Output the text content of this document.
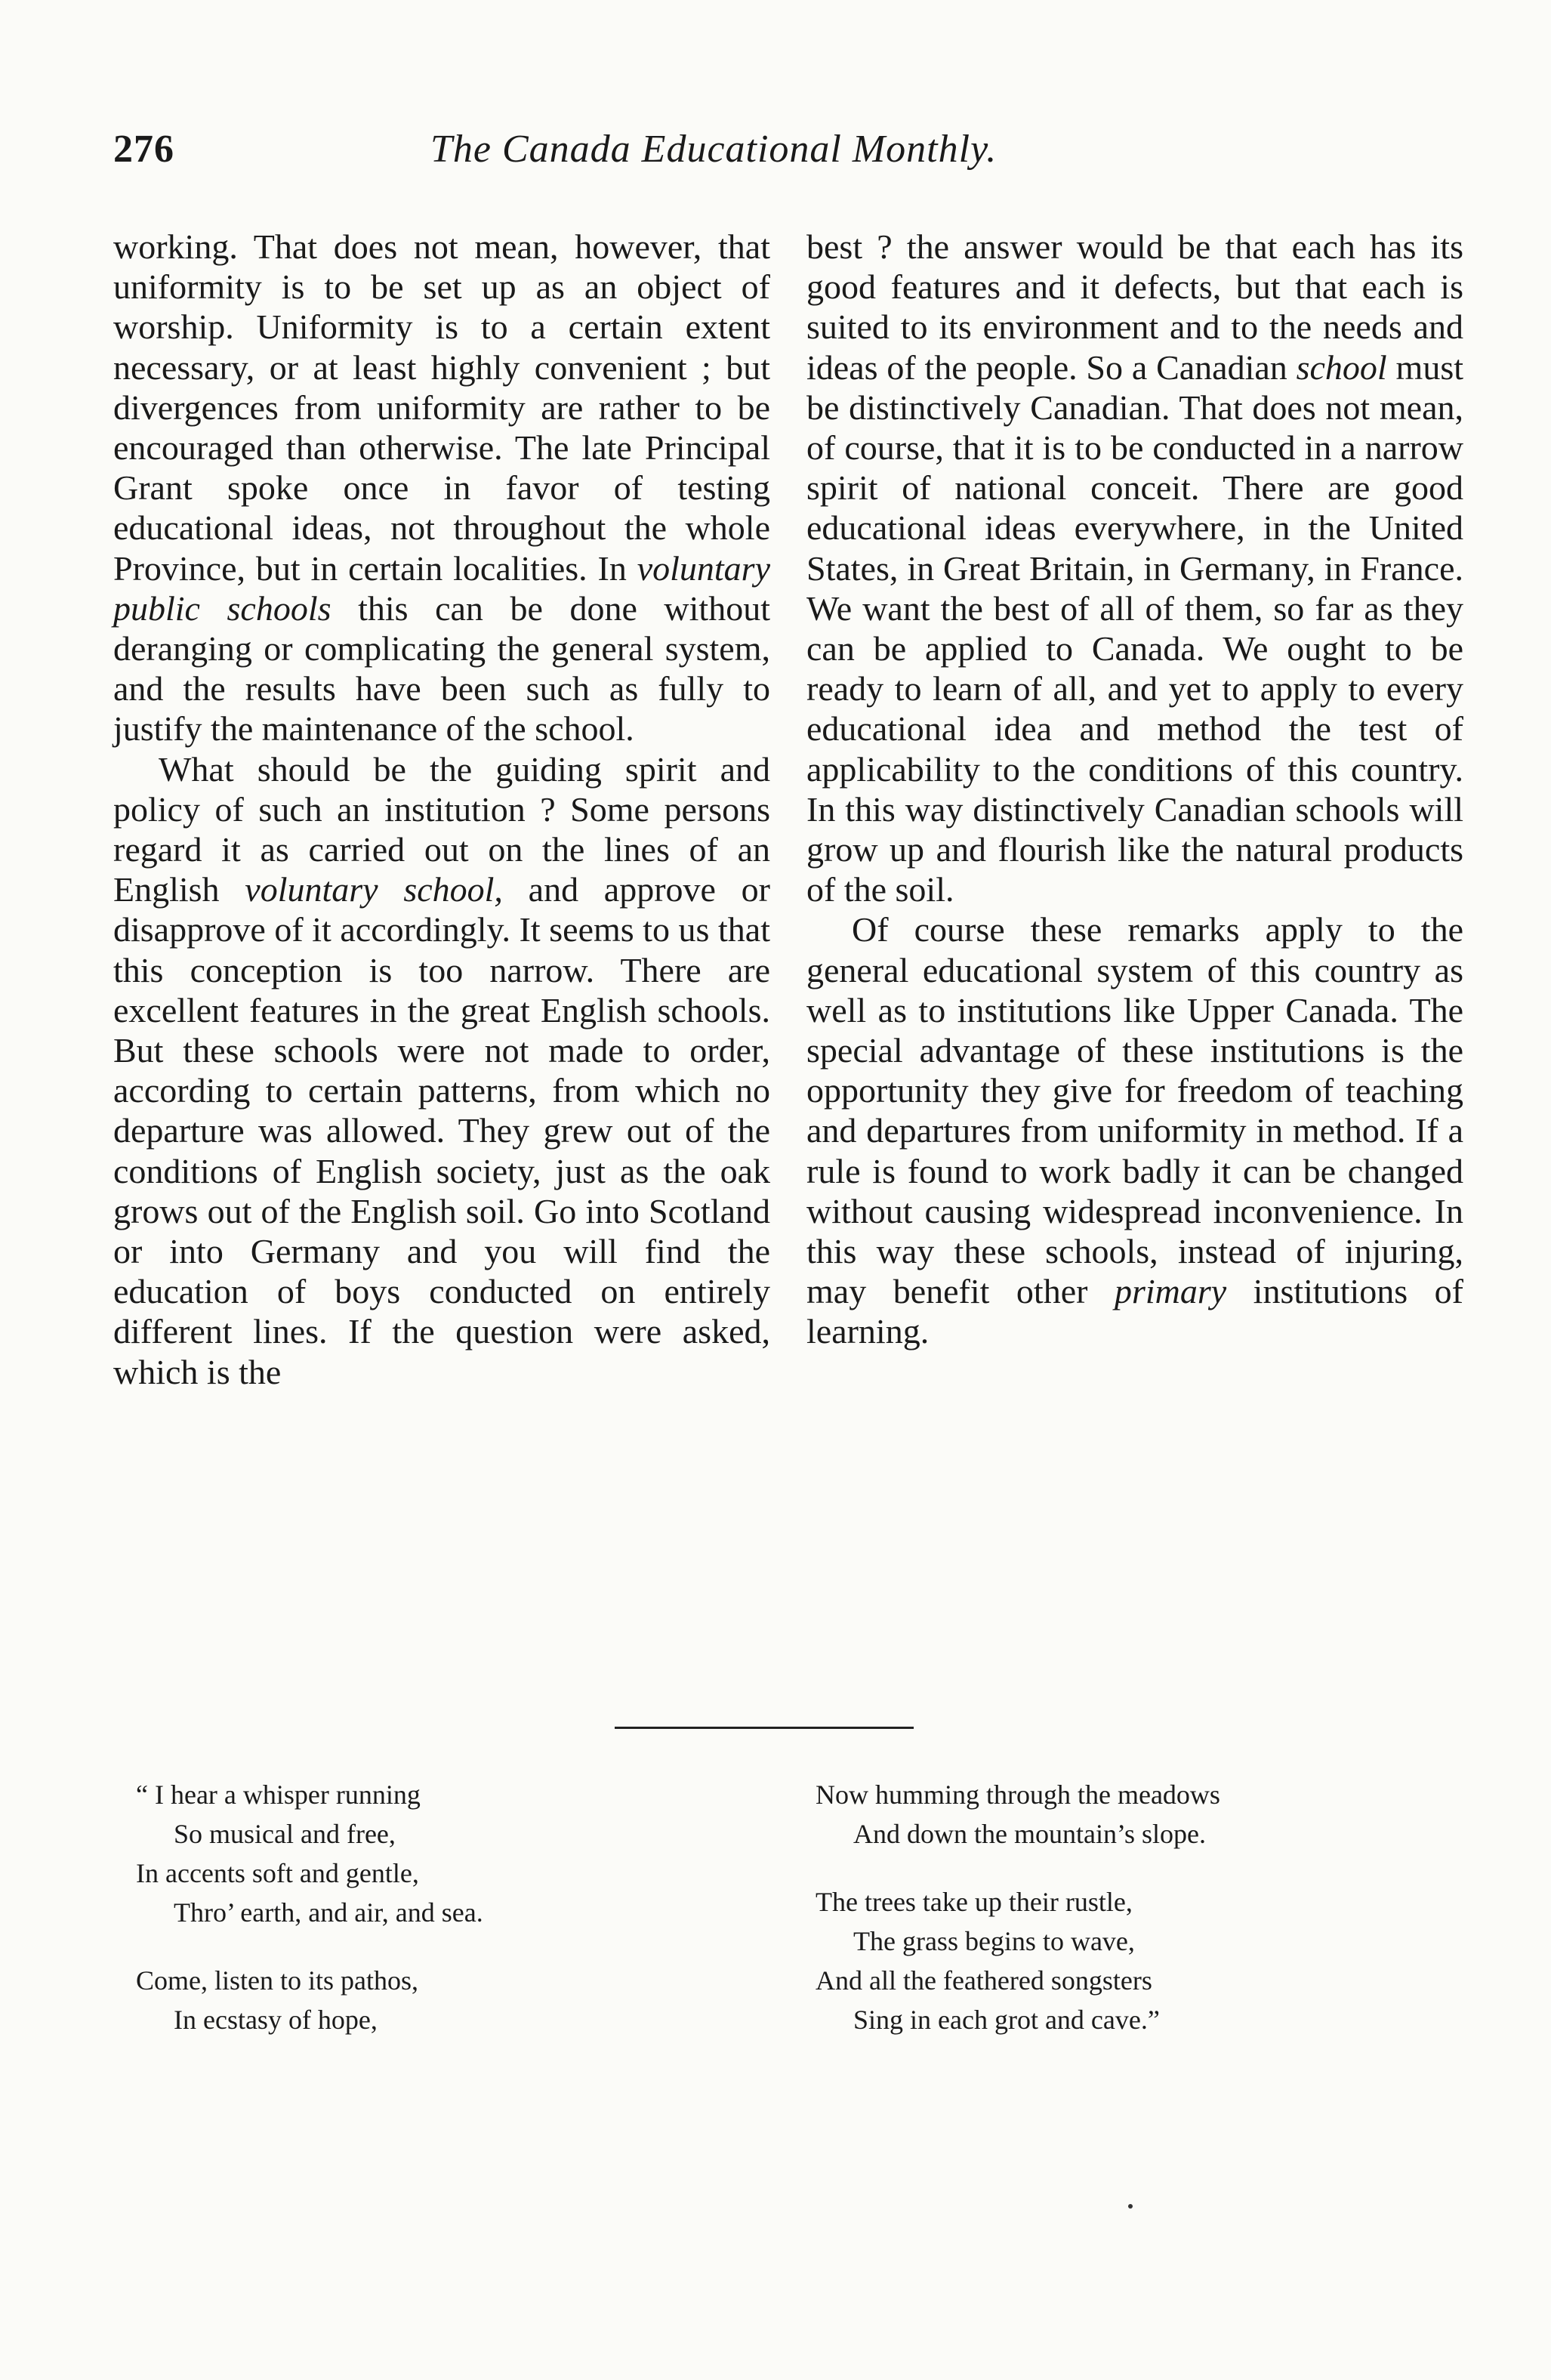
276	The Canada Educational Monthly.

working. That does not mean, however, that uniformity is to be set up as an object of worship. Uniformity is to a certain extent necessary, or at least highly convenient ; but divergences from uniformity are rather to be encouraged than otherwise. The late Principal Grant spoke once in favor of testing educational ideas, not throughout the whole Province, but in certain localities. In voluntary public schools this can be done without deranging or complicating the general system, and the results have been such as fully to justify the maintenance of the school.

What should be the guiding spirit and policy of such an institution ? Some persons regard it as carried out on the lines of an English voluntary school, and approve or disapprove of it accordingly. It seems to us that this conception is too narrow. There are excellent features in the great English schools. But these schools were not made to order, according to certain patterns, from which no departure was allowed. They grew out of the conditions of English society, just as the oak grows out of the English soil. Go into Scotland or into Germany and you will find the education of boys conducted on entirely different lines. If the question were asked, which is the

best ? the answer would be that each has its good features and it defects, but that each is suited to its environment and to the needs and ideas of the people. So a Canadian school must be distinctively Canadian. That does not mean, of course, that it is to be conducted in a narrow spirit of national conceit. There are good educational ideas everywhere, in the United States, in Great Britain, in Germany, in France. We want the best of all of them, so far as they can be applied to Canada. We ought to be ready to learn of all, and yet to apply to every educational idea and method the test of applicability to the conditions of this country. In this way distinctively Canadian schools will grow up and flourish like the natural products of the soil.

Of course these remarks apply to the general educational system of this country as well as to institutions like Upper Canada. The special advantage of these institutions is the opportunity they give for freedom of teaching and departures from uniformity in method. If a rule is found to work badly it can be changed without causing widespread inconvenience. In this way these schools, instead of injuring, may benefit other primary institutions of learning.

“ I hear a whisper running
So musical and free,
In accents soft and gentle,
Thro’ earth, and air, and sea.
Come, listen to its pathos,
In ecstasy of hope,
Now humming through the meadows
And down the mountain’s slope.
The trees take up their rustle,
The grass begins to wave,
And all the feathered songsters
Sing in each grot and cave.”
